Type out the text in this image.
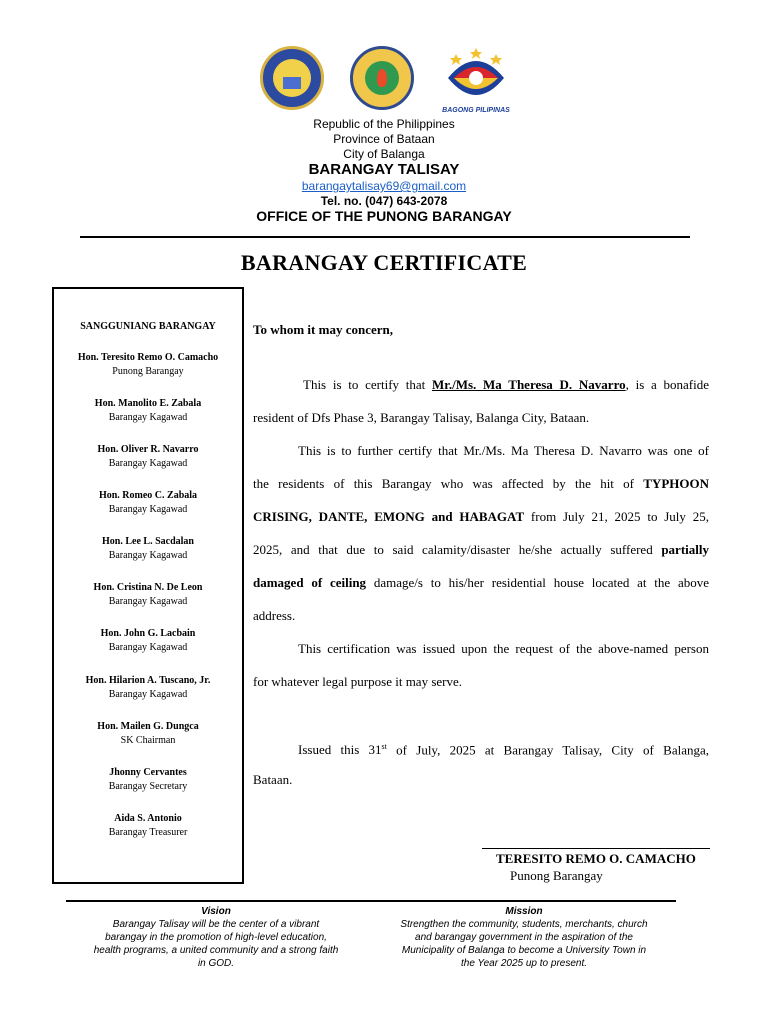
BAGONG PILIPINAS
Republic of the Philippines
Province of Bataan
City of Balanga
BARANGAY TALISAY
barangaytalisay69@gmail.com
Tel. no. (047) 643-2078
OFFICE OF THE PUNONG BARANGAY
BARANGAY CERTIFICATE
SANGGUNIANG BARANGAY
Hon. Teresito Remo O. Camacho
Punong Barangay
Hon. Manolito E. Zabala
Barangay Kagawad
Hon. Oliver R. Navarro
Barangay Kagawad
Hon. Romeo C. Zabala
Barangay Kagawad
Hon. Lee L. Sacdalan
Barangay Kagawad
Hon. Cristina N. De Leon
Barangay Kagawad
Hon. John G. Lacbain
Barangay Kagawad
Hon. Hilarion A. Tuscano, Jr.
Barangay Kagawad
Hon. Mailen G. Dungca
SK Chairman
Jhonny Cervantes
Barangay Secretary
Aida S. Antonio
Barangay Treasurer
To whom it may concern,
This is to certify that Mr./Ms. Ma Theresa D. Navarro, is a bonafide
resident of Dfs Phase 3, Barangay Talisay, Balanga City, Bataan.
This is to further certify that Mr./Ms. Ma Theresa D. Navarro was one of
the residents of this Barangay who was affected by the hit of TYPHOON
CRISING, DANTE, EMONG and HABAGAT from July 21, 2025 to July 25,
2025, and that due to said calamity/disaster he/she actually suffered partially
damaged of ceiling damage/s to his/her residential house located at the above
address.
This certification was issued upon the request of the above-named person
for whatever legal purpose it may serve.
Issued this 31st of July, 2025 at Barangay Talisay, City of Balanga,
Bataan.
TERESITO REMO O. CAMACHO
Punong Barangay
Vision
Barangay Talisay will be the center of a vibrant
barangay in the promotion of high-level education,
health programs, a united community and a strong faith
in GOD.
Mission
Strengthen the community, students, merchants, church
and barangay government in the aspiration of the
Municipality of Balanga to become a University Town in
the Year 2025 up to present.
